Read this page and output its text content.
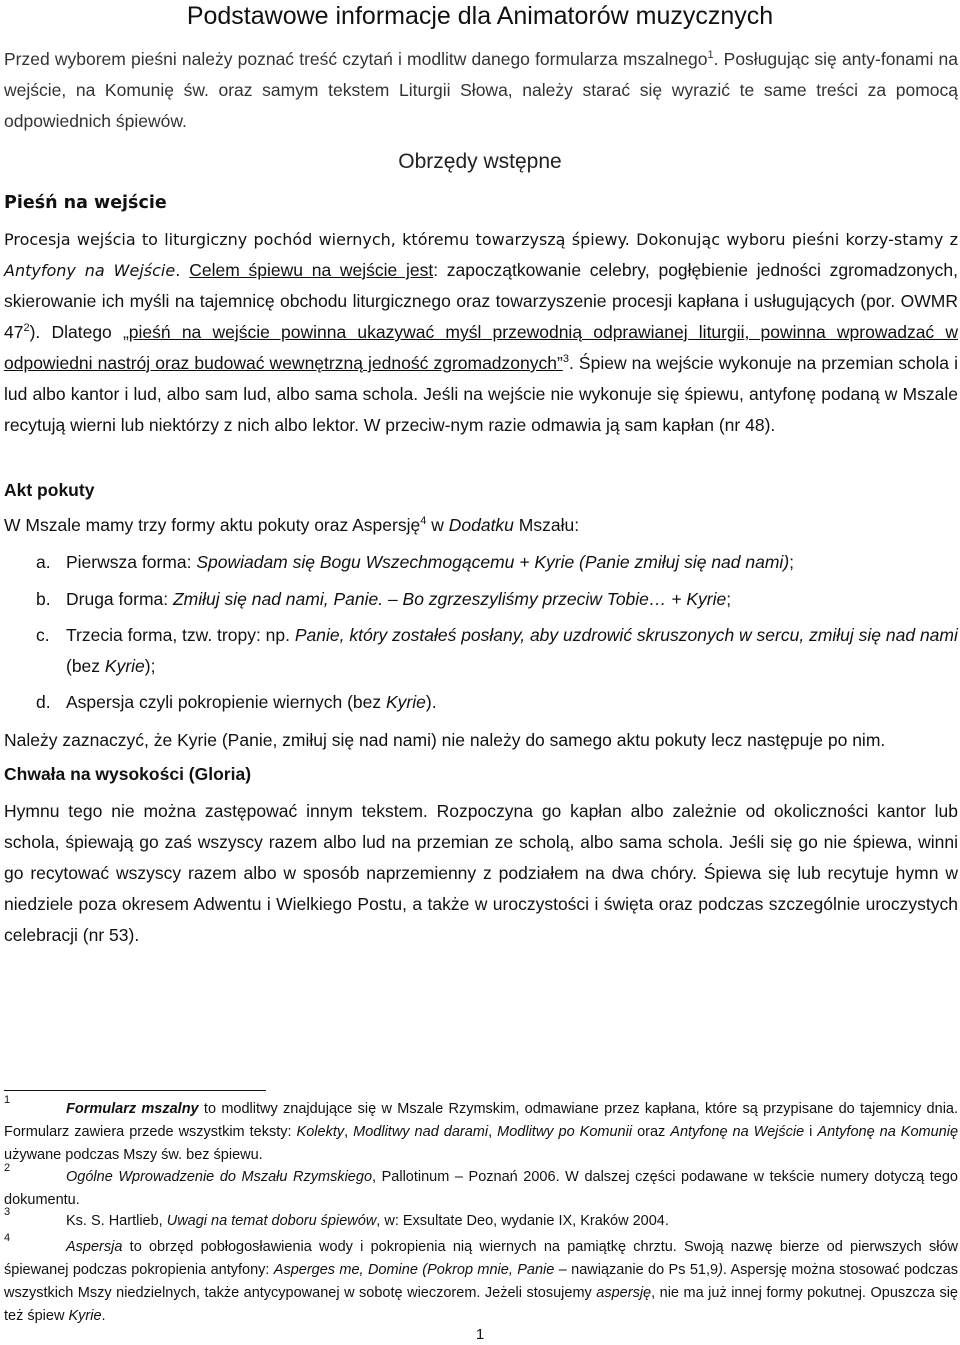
Podstawowe informacje dla Animatorów muzycznych

Przed wyborem pieśni należy poznać treść czytań i modlitw danego formularza mszalnego$^1$. Posługując się anty-fonami na wejście, na Komunię św. oraz samym tekstem Liturgii Słowa, należy starać się wyrazić te same treści za pomocą odpowiednich śpiewów.

Obrzędy wstępne
Pieśń na wejście

Procesja wejścia to liturgiczny pochód wiernych, któremu towarzyszą śpiewy. Dokonując wyboru pieśni korzy-stamy z Antyfony na Wejście. Celem śpiewu na wejście jest: zapoczątkowanie celebry, pogłębienie jedności zgromadzonych, skierowanie ich myśli na tajemnicę obchodu liturgicznego oraz towarzyszenie procesji kapłana i usługujących (por. OWMR $47^2$). Dlatego „pieśń na wejście powinna ukazywać myśl przewodnią odprawianej liturgii, powinna wprowadzać w odpowiedni nastrój oraz budować wewnętrzną jedność zgromadzonych”$^3$. Śpiew na wejście wykonuje na przemian schola i lud albo kantor i lud, albo sam lud, albo sama schola. Jeśli na wejście nie wykonuje się śpiewu, antyfonę podaną w Mszale recytują wierni lub niektórzy z nich albo lektor. W przeciw-nym razie odmawia ją sam kapłan (nr 48).

Akt pokuty

W Mszale mamy trzy formy aktu pokuty oraz Aspersję$^4$ w Dodatku Mszału:

a. Pierwsza forma: Spowiadam się Bogu Wszechmogącemu + Kyrie (Panie zmiłuj się nad nami);
b. Druga forma: Zmiłuj się nad nami, Panie. – Bo zgrzeszyliśmy przeciw Tobie… + Kyrie;
c. Trzecia forma, tzw. tropy: np. Panie, który zostałeś posłany, aby uzdrowić skruszonych w sercu, zmiłuj się nad nami (bez Kyrie);
d. Aspersja czyli pokropienie wiernych (bez Kyrie).

Należy zaznaczyć, że Kyrie (Panie, zmiłuj się nad nami) nie należy do samego aktu pokuty lecz następuje po nim.

Chwała na wysokości (Gloria)

Hymnu tego nie można zastępować innym tekstem. Rozpoczyna go kapłan albo zależnie od okoliczności kantor lub schola, śpiewają go zaś wszyscy razem albo lud na przemian ze scholą, albo sama schola. Jeśli się go nie śpiewa, winni go recytować wszyscy razem albo w sposób naprzemienny z podziałem na dwa chóry. Śpiewa się lub recytuje hymn w niedziele poza okresem Adwentu i Wielkiego Postu, a także w uroczystości i święta oraz podczas szczególnie uroczystych celebracji (nr 53).

1
Formularz mszalny to modlitwy znajdujące się w Mszale Rzymskim, odmawiane przez kapłana, które są przypisane do tajemnicy dnia. Formularz zawiera przede wszystkim teksty: Kolekty, Modlitwy nad darami, Modlitwy po Komunii oraz Antyfonę na Wejście i Antyfonę na Komunię używane podczas Mszy św. bez śpiewu.
2
Ogólne Wprowadzenie do Mszału Rzymskiego, Pallotinum – Poznań 2006. W dalszej części podawane w tekście numery dotyczą tego dokumentu.
3
Ks. S. Hartlieb, Uwagi na temat doboru śpiewów, w: Exsultate Deo, wydanie IX, Kraków 2004.
4
Aspersja to obrzęd pobłogosławienia wody i pokropienia nią wiernych na pamiątkę chrztu. Swoją nazwę bierze od pierwszych słów śpiewanej podczas pokropienia antyfony: Asperges me, Domine (Pokrop mnie, Panie – nawiązanie do Ps 51,9). Aspersję można stosować podczas wszystkich Mszy niedzielnych, także antycypowanej w sobotę wieczorem. Jeżeli stosujemy aspersję, nie ma już innej formy pokutnej. Opuszcza się też śpiew Kyrie.
1
